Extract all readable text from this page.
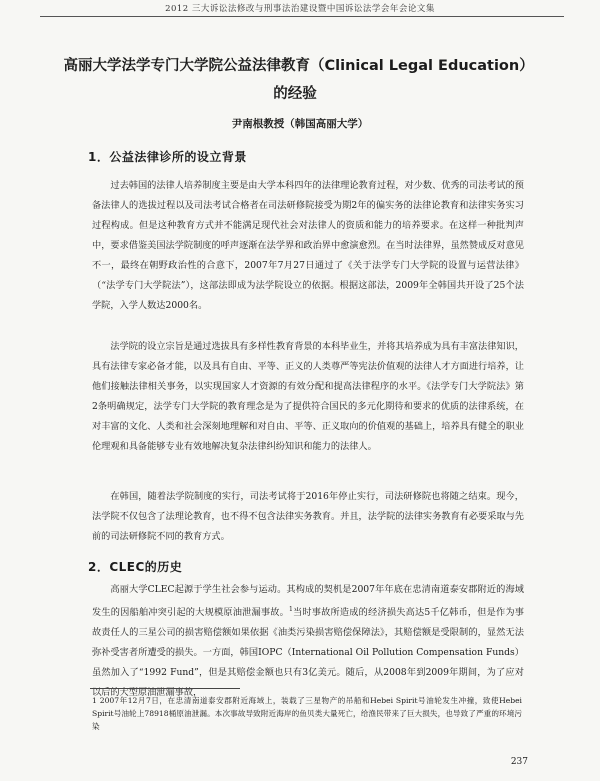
2012 三大诉讼法修改与刑事法治建设暨中国诉讼法学会年会论文集
高丽大学法学专门大学院公益法律教育（Clinical Legal Education）的经验
尹南根教授（韩国高丽大学）
1．公益法律诊所的设立背景

过去韩国的法律人培养制度主要是由大学本科四年的法律理论教育过程，对少数、优秀的司法考试的预备法律人的选拔过程以及司法考试合格者在司法研修院接受为期2年的偏实务的法律论教育和法律实务实习过程构成。但是这种教育方式并不能满足现代社会对法律人的资质和能力的培养要求。在这样一种批判声中，要求借鉴美国法学院制度的呼声逐渐在法学界和政治界中愈演愈烈。在当时法律界，虽然赞成反对意见不一，最终在朝野政治性的合意下，2007年7月27日通过了《关于法学专门大学院的设置与运营法律》（“法学专门大学院法”），这部法即成为法学院设立的依据。根据这部法，2009年全韩国共开设了25个法学院，入学人数达2000名。

法学院的设立宗旨是通过选拔具有多样性教育背景的本科毕业生，并将其培养成为具有丰富法律知识，具有法律专家必备才能，以及具有自由、平等、正义的人类尊严等宪法价值观的法律人才方面进行培养，让他们接触法律相关事务，以实现国家人才资源的有效分配和提高法律程序的水平。《法学专门大学院法》第2条明确规定，法学专门大学院的教育理念是为了提供符合国民的多元化期待和要求的优质的法律系统，在对丰富的文化、人类和社会深刻地理解和对自由、平等、正义取向的价值观的基础上，培养具有健全的职业伦理观和具备能够专业有效地解决复杂法律纠纷知识和能力的法律人。

在韩国，随着法学院制度的实行，司法考试将于2016年停止实行，司法研修院也将随之结束。现今，法学院不仅包含了法理论教育，也不得不包含法律实务教育。并且，法学院的法律实务教育有必要采取与先前的司法研修院不同的教育方式。

2．CLEC的历史

高丽大学CLEC起源于学生社会参与运动。其构成的契机是2007年年底在忠清南道泰安郡附近的海域发生的因船舶冲突引起的大规模原油泄漏事故。$^1$当时事故所造成的经济损失高达5千亿韩币，但是作为事故责任人的三星公司的损害赔偿额如果依据《油类污染损害赔偿保障法》，其赔偿额是受限制的，显然无法弥补受害者所遭受的损失。一方面，韩国IOPC（International Oil Pollution Compensation Funds）虽然加入了“1992 Fund”，但是其赔偿金额也只有3亿美元。随后，从2008年到2009年期间，为了应对以后的大型原油泄漏事故，

1 2007年12月7日，在忠清南道泰安郡附近海域上，装载了三星物产的吊船和Hebei Spirit号油轮发生冲撞，致使Hebei Spirit号油轮上78918桶原油泄漏。本次事故导致附近海岸的鱼贝类大量死亡，给渔民带来了巨大损失，也导致了严重的环境污染

237
